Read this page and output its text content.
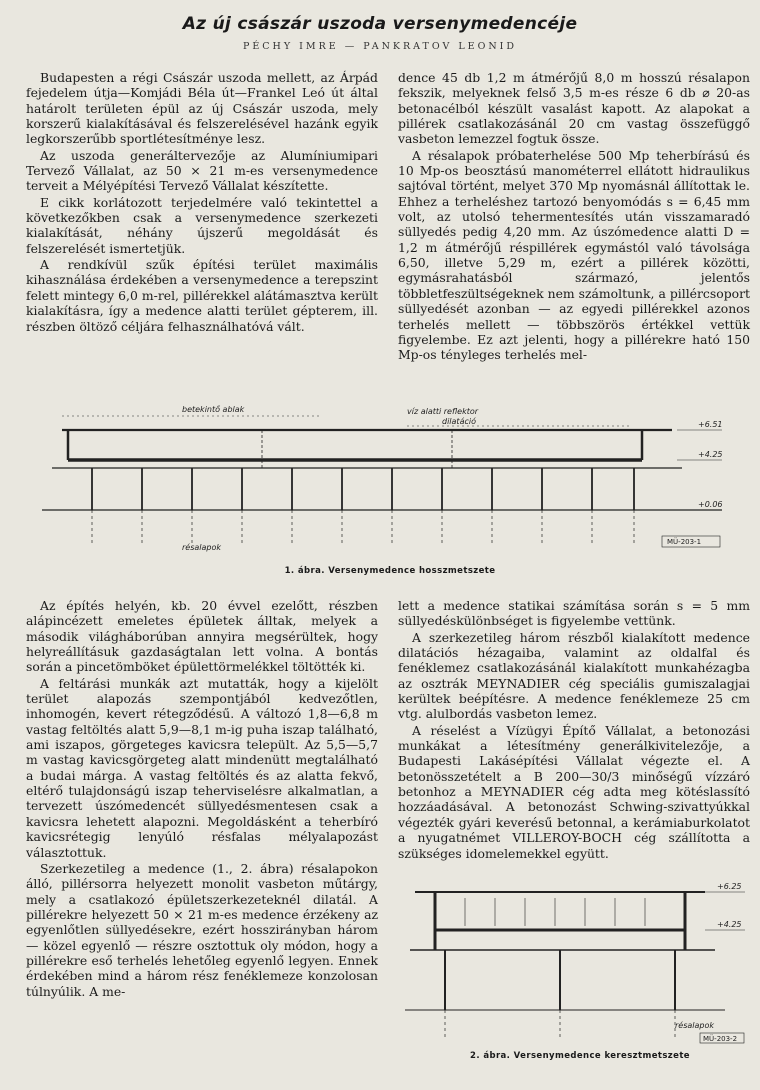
Az új császár uszoda versenymedencéje
PÉCHY IMRE — PANKRATOV LEONID

Budapesten a régi Császár uszoda mellett, az Árpád fejedelem útja—Komjádi Béla út—Frankel Leó út által határolt területen épül az új Császár uszoda, mely korszerű kialakításával és felszerelésével hazánk egyik legkorszerűbb sportlétesítménye lesz.

Az uszoda generáltervezője az Alumíniumipari Tervező Vállalat, az 50 × 21 m-es versenymedence terveit a Mélyépítési Tervező Vállalat készítette.

E cikk korlátozott terjedelmére való tekintettel a következőkben csak a versenymedence szerkezeti kialakítását, néhány újszerű megoldását és felszerelését ismertetjük.

A rendkívül szűk építési terület maximális kihasználása érdekében a versenymedence a terepszint felett mintegy 6,0 m-rel, pillérekkel alátámasztva került kialakításra, így a medence alatti terület gépterem, ill. részben öltöző céljára felhasználhatóvá vált.

dence 45 db 1,2 m átmérőjű 8,0 m hosszú résalapon fekszik, melyeknek felső 3,5 m-es része 6 db ⌀ 20-as betonacélból készült vasalást kapott. Az alapokat a pillérek csatlakozásánál 20 cm vastag összefüggő vasbeton lemezzel fogtuk össze.

A résalapok próbaterhelése 500 Mp teherbírású és 10 Mp-os beosztású manométerrel ellátott hidraulikus sajtóval történt, melyet 370 Mp nyomásnál állítottak le. Ehhez a terheléshez tartozó benyomódás s = 6,45 mm volt, az utolsó tehermentesítés után visszamaradó süllyedés pedig 4,20 mm. Az úszómedence alatti D = 1,2 m átmérőjű réspillérek egymástól való távolsága 6,50, illetve 5,29 m, ezért a pillérek közötti, egymásrahatásból származó, jelentős többletfeszültségeknek nem számoltunk, a pillércsoport süllyedését azonban — az egyedi pillérekkel azonos terhelés mellett — többszörös értékkel vettük figyelembe. Ez azt jelenti, hogy a pillérekre ható 150 Mp-os tényleges terhelés mel-

betekintő ablak	víz alatti reflektor
dilatáció	+6.51
+4.25
+0.06
résalapok
MÜ-203-1
1. ábra. Versenymedence hosszmetszete

Az építés helyén, kb. 20 évvel ezelőtt, részben alápincézett emeletes épületek álltak, melyek a második világháborúban annyira megsérültek, hogy helyreállításuk gazdaságtalan lett volna. A bontás során a pincetömböket épülettörmelékkel töltötték ki.

A feltárási munkák azt mutatták, hogy a kijelölt terület alapozás szempontjából kedvezőtlen, inhomogén, kevert rétegződésű. A változó 1,8—6,8 m vastag feltöltés alatt 5,9—8,1 m-ig puha iszap található, ami iszapos, görgeteges kavicsra települt. Az 5,5—5,7 m vastag kavicsgörgeteg alatt mindenütt megtalálható a budai márga. A vastag feltöltés és az alatta fekvő, eltérő tulajdonságú iszap teherviselésre alkalmatlan, a tervezett úszómedencét süllyedésmentesen csak a kavicsra lehetett alapozni. Megoldásként a teherbíró kavicsrétegig lenyúló résfalas mélyalapozást választottuk.

Szerkezetileg a medence (1., 2. ábra) résalapokon álló, pillérsorra helyezett monolit vasbeton műtárgy, mely a csatlakozó épületszerkezeteknél dilatál. A pillérekre helyezett 50 × 21 m-es medence érzékeny az egyenlőtlen süllyedésekre, ezért hosszirányban három — közel egyenlő — részre osztottuk oly módon, hogy a pillérekre eső terhelés lehetőleg egyenlő legyen. Ennek érdekében mind a három rész fenéklemeze konzolosan túlnyúlik. A me-

lett a medence statikai számítása során s = 5 mm süllyedéskülönbséget is figyelembe vettünk.

A szerkezetileg három részből kialakított medence dilatációs hézagaiba, valamint az oldalfal és fenéklemez csatlakozásánál kialakított munkahézagba az osztrák MEYNADIER cég speciális gumiszalagjai kerültek beépítésre. A medence fenéklemeze 25 cm vtg. alulbordás vasbeton lemez.

A réselést a Vízügyi Építő Vállalat, a betonozási munkákat a létesítmény generálkivitelezője, a Budapesti Lakásépítési Vállalat végezte el. A betonösszetételt a B 200—30/3 minőségű vízzáró betonhoz a MEYNADIER cég adta meg kötéslassító hozzáadásával. A betonozást Schwing-szivattyúkkal végezték gyári keverésű betonnal, a kerámiaburkolatot a nyugatnémet VILLEROY-BOCH cég szállította a szükséges idomelemekkel együtt.

+6.25
+4.25
résalapok
MÜ-203-2
2. ábra. Versenymedence keresztmetszete
